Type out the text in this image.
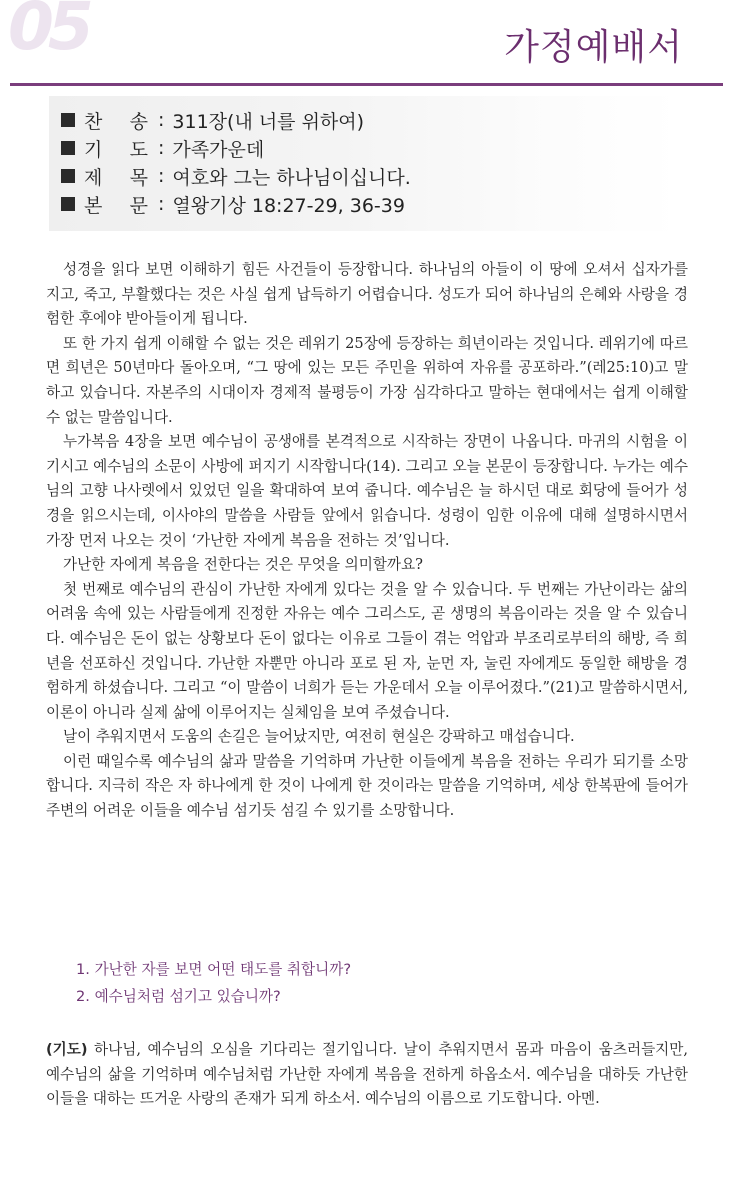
05	가정예배서
찬 송 : 311장(내 너를 위하여)
기 도 : 가족가운데
제 목 : 여호와 그는 하나님이십니다.
본 문 : 열왕기상 18:27-29, 36-39

성경을 읽다 보면 이해하기 힘든 사건들이 등장합니다. 하나님의 아들이 이 땅에 오셔서 십자가를 지고, 죽고, 부활했다는 것은 사실 쉽게 납득하기 어렵습니다. 성도가 되어 하나님의 은혜와 사랑을 경험한 후에야 받아들이게 됩니다.

또 한 가지 쉽게 이해할 수 없는 것은 레위기 25장에 등장하는 희년이라는 것입니다. 레위기에 따르면 희년은 50년마다 돌아오며, “그 땅에 있는 모든 주민을 위하여 자유를 공포하라.”(레25:10)고 말하고 있습니다. 자본주의 시대이자 경제적 불평등이 가장 심각하다고 말하는 현대에서는 쉽게 이해할 수 없는 말씀입니다.

누가복음 4장을 보면 예수님이 공생애를 본격적으로 시작하는 장면이 나옵니다. 마귀의 시험을 이기시고 예수님의 소문이 사방에 퍼지기 시작합니다(14). 그리고 오늘 본문이 등장합니다. 누가는 예수님의 고향 나사렛에서 있었던 일을 확대하여 보여 줍니다. 예수님은 늘 하시던 대로 회당에 들어가 성경을 읽으시는데, 이사야의 말씀을 사람들 앞에서 읽습니다. 성령이 임한 이유에 대해 설명하시면서 가장 먼저 나오는 것이 ‘가난한 자에게 복음을 전하는 것’입니다.

가난한 자에게 복음을 전한다는 것은 무엇을 의미할까요?

첫 번째로 예수님의 관심이 가난한 자에게 있다는 것을 알 수 있습니다. 두 번째는 가난이라는 삶의 어려움 속에 있는 사람들에게 진정한 자유는 예수 그리스도, 곧 생명의 복음이라는 것을 알 수 있습니다. 예수님은 돈이 없는 상황보다 돈이 없다는 이유로 그들이 겪는 억압과 부조리로부터의 해방, 즉 희년을 선포하신 것입니다. 가난한 자뿐만 아니라 포로 된 자, 눈먼 자, 눌린 자에게도 동일한 해방을 경험하게 하셨습니다. 그리고 “이 말씀이 너희가 듣는 가운데서 오늘 이루어졌다.”(21)고 말씀하시면서, 이론이 아니라 실제 삶에 이루어지는 실체임을 보여 주셨습니다.

날이 추워지면서 도움의 손길은 늘어났지만, 여전히 현실은 강팍하고 매섭습니다.

이런 때일수록 예수님의 삶과 말씀을 기억하며 가난한 이들에게 복음을 전하는 우리가 되기를 소망합니다. 지극히 작은 자 하나에게 한 것이 나에게 한 것이라는 말씀을 기억하며, 세상 한복판에 들어가 주변의 어려운 이들을 예수님 섬기듯 섬길 수 있기를 소망합니다.

1. 가난한 자를 보면 어떤 태도를 취합니까?
2. 예수님처럼 섬기고 있습니까?
(기도) 하나님, 예수님의 오심을 기다리는 절기입니다. 날이 추워지면서 몸과 마음이 움츠러들지만, 예수님의 삶을 기억하며 예수님처럼 가난한 자에게 복음을 전하게 하옵소서. 예수님을 대하듯 가난한 이들을 대하는 뜨거운 사랑의 존재가 되게 하소서. 예수님의 이름으로 기도합니다. 아멘.
